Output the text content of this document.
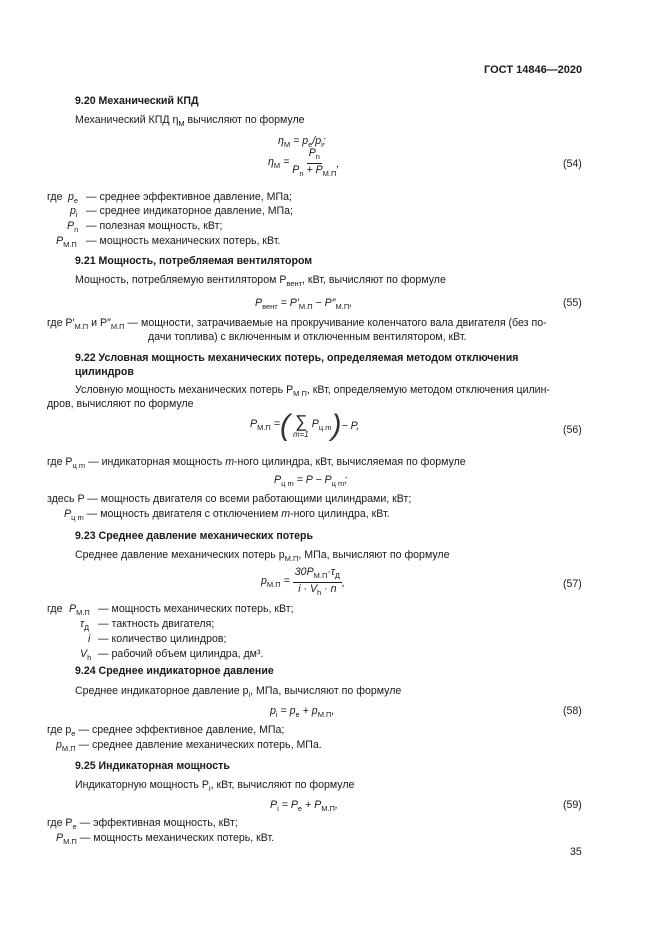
ГОСТ 14846—2020
9.20 Механический КПД
Механический КПД $\eta_M$ вычисляют по формуле
$\eta_M = p_e/p_i$;
$\eta_M = \frac{P_n}{P_n + P_{М.П}}$ ,	(54)
где $p_e$ — среднее эффективное давление, МПа;
$p_i$ — среднее индикаторное давление, МПа;
$P_n$ — полезная мощность, кВт;
$P_{М.П}$ — мощность механических потерь, кВт.
9.21 Мощность, потребляемая вентилятором
Мощность, потребляемую вентилятором $P_{вент}$, кВт, вычисляют по формуле
$P_{вент} = P'_{М.П} - P''_{М.П}$,	(55)
где $P'_{М.П}$ и $P''_{М.П}$ — мощности, затрачиваемые на прокручивание коленчатого вала двигателя (без по-
дачи топлива) с включенным и отключенным вентилятором, кВт.
9.22 Условная мощность механических потерь, определяемая методом отключения
цилиндров
Условную мощность механических потерь $P_{М П}$, кВт, определяемую методом отключения цилин-
дров, вычисляют по формуле
$P_{М.П}$ = ( ∑
m=1
$P_{ц.m}$ ) − P,	(56)
где $P_{ц m}$ — индикаторная мощность m-ного цилиндра, кВт, вычисляемая по формуле
$P_{ц m} = P - P_{ц m}$;
здесь P — мощность двигателя со всеми работающими цилиндрами, кВт;
$P_{ц m}$ — мощность двигателя с отключением m-ного цилиндра, кВт.
9.23 Среднее давление механических потерь
Среднее давление механических потерь $p_{М.П}$, МПа, вычисляют по формуле
$p_{М.П} = \frac{30P_{М.П}\cdot\tau_Д}{i \cdot V_h \cdot n}$ ,	(57)
где $P_{М.П}$ — мощность механических потерь, кВт;
$\tau_Д$ — тактность двигателя;
i — количество цилиндров;
$V_h$ — рабочий объем цилиндра, дм³.
9.24 Среднее индикаторное давление
Среднее индикаторное давление $p_i$, МПа, вычисляют по формуле
$p_i = p_e + p_{М.П}$,	(58)
где $p_e$ — среднее эффективное давление, МПа;
$p_{М.П}$ — среднее давление механических потерь, МПа.
9.25 Индикаторная мощность
Индикаторную мощность $P_i$, кВт, вычисляют по формуле
$P_i = P_e + P_{М.П}$,	(59)
где $P_e$ — эффективная мощность, кВт;
$P_{М.П}$ — мощность механических потерь, кВт.
35
